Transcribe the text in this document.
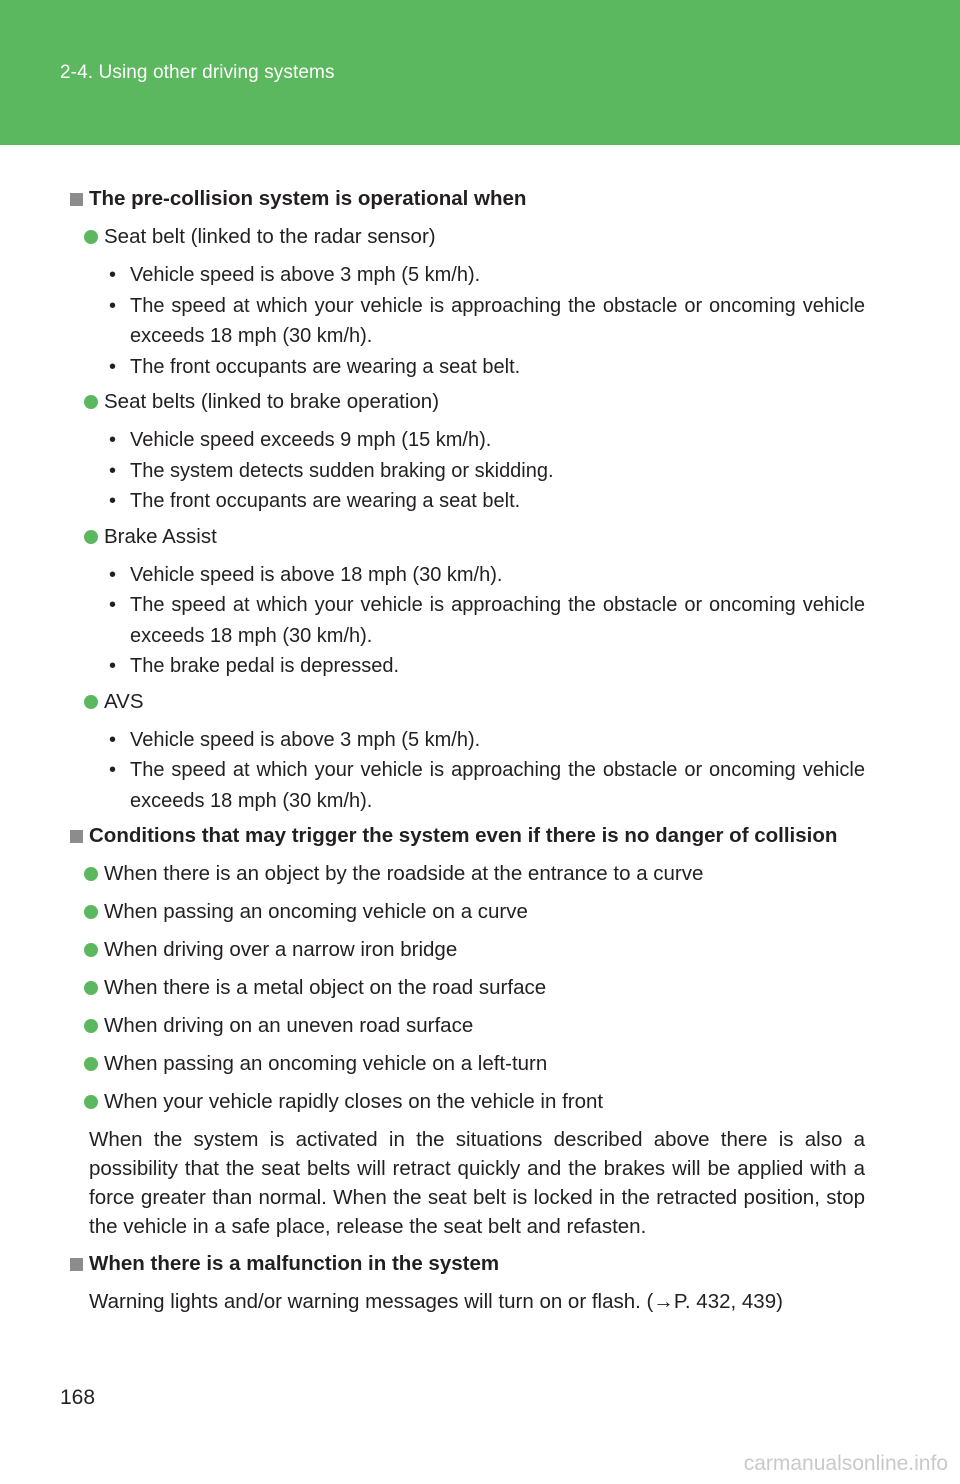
2-4. Using other driving systems
The pre-collision system is operational when
Seat belt (linked to the radar sensor)
• Vehicle speed is above 3 mph (5 km/h).
• The speed at which your vehicle is approaching the obstacle or oncoming vehicle exceeds 18 mph (30 km/h).
• The front occupants are wearing a seat belt.
Seat belts (linked to brake operation)
• Vehicle speed exceeds 9 mph (15 km/h).
• The system detects sudden braking or skidding.
• The front occupants are wearing a seat belt.
Brake Assist
• Vehicle speed is above 18 mph (30 km/h).
• The speed at which your vehicle is approaching the obstacle or oncoming vehicle exceeds 18 mph (30 km/h).
• The brake pedal is depressed.
AVS
• Vehicle speed is above 3 mph (5 km/h).
• The speed at which your vehicle is approaching the obstacle or oncoming vehicle exceeds 18 mph (30 km/h).
Conditions that may trigger the system even if there is no danger of collision
When there is an object by the roadside at the entrance to a curve
When passing an oncoming vehicle on a curve
When driving over a narrow iron bridge
When there is a metal object on the road surface
When driving on an uneven road surface
When passing an oncoming vehicle on a left-turn
When your vehicle rapidly closes on the vehicle in front
When the system is activated in the situations described above there is also a possibility that the seat belts will retract quickly and the brakes will be applied with a force greater than normal. When the seat belt is locked in the retracted position, stop the vehicle in a safe place, release the seat belt and refasten.
When there is a malfunction in the system
Warning lights and/or warning messages will turn on or flash. (→P. 432, 439)
168
carmanualsonline.info
